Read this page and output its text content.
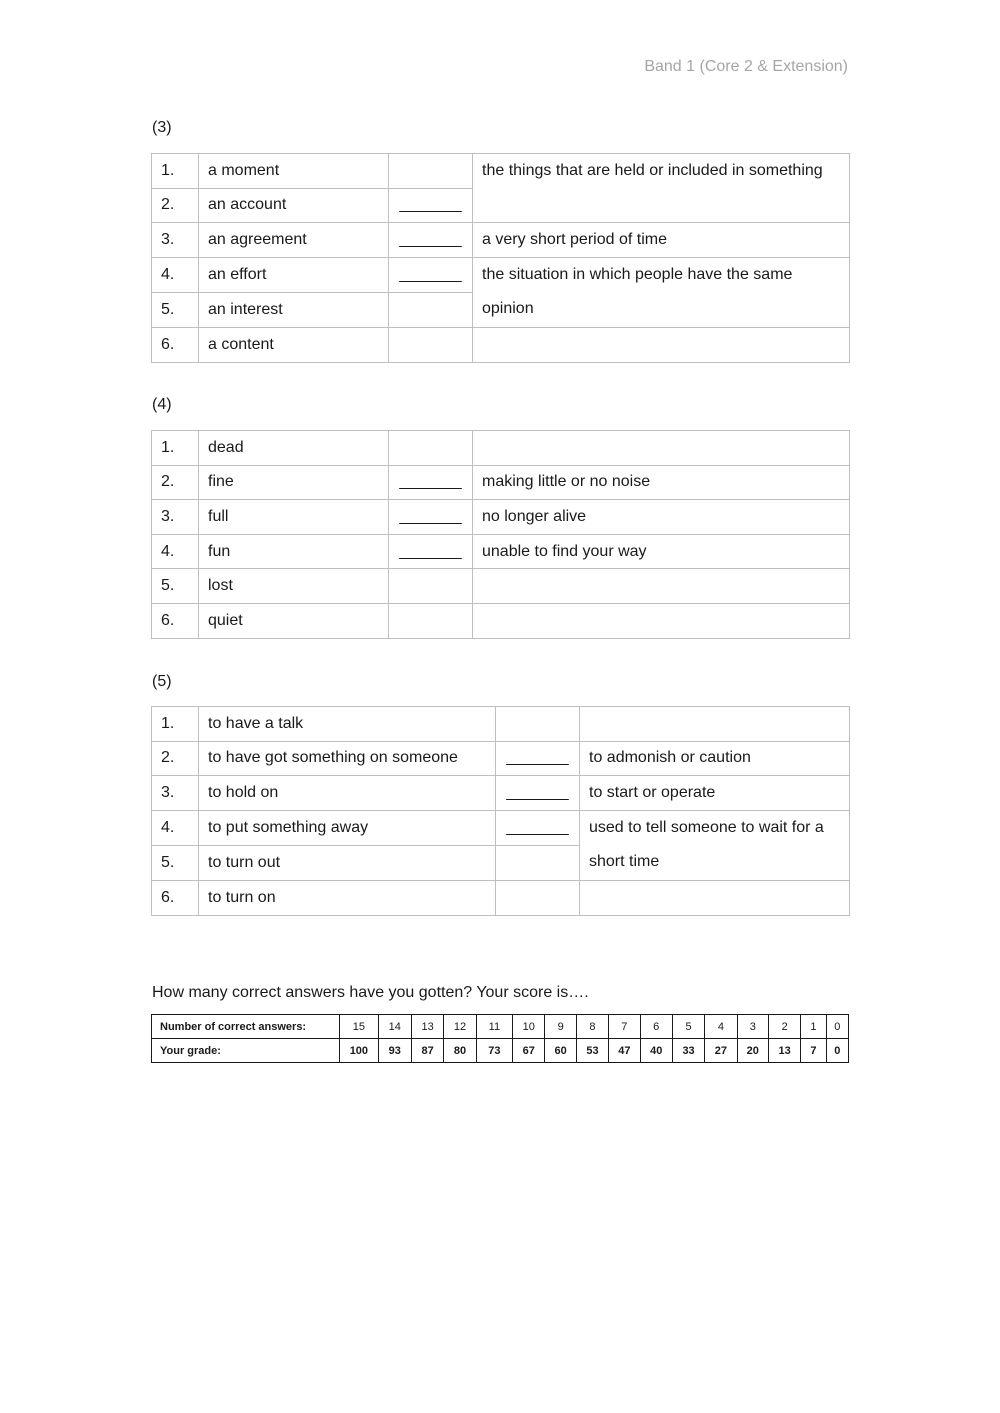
Band 1 (Core 2 & Extension)
(3)
1.	a moment		the things that are held or included in something
2.	an account	_______	
3.	an agreement	_______	a very short period of time
4.	an effort	_______	the situation in which people have the same opinion
5.	an interest		
6.	a content		
(4)
1.	dead		
2.	fine	_______	making little or no noise
3.	full	_______	no longer alive
4.	fun	_______	unable to find your way
5.	lost		
6.	quiet		
(5)
1.	to have a talk		
2.	to have got something on someone	_______	to admonish or caution
3.	to hold on	_______	to start or operate
4.	to put something away	_______	used to tell someone to wait for a short time
5.	to turn out		
6.	to turn on		
How many correct answers have you gotten? Your score is….
Number of correct answers:	15	14	13	12	11	10	9	8	7	6	5	4	3	2	1	0
Your grade:	100	93	87	80	73	67	60	53	47	40	33	27	20	13	7	0
